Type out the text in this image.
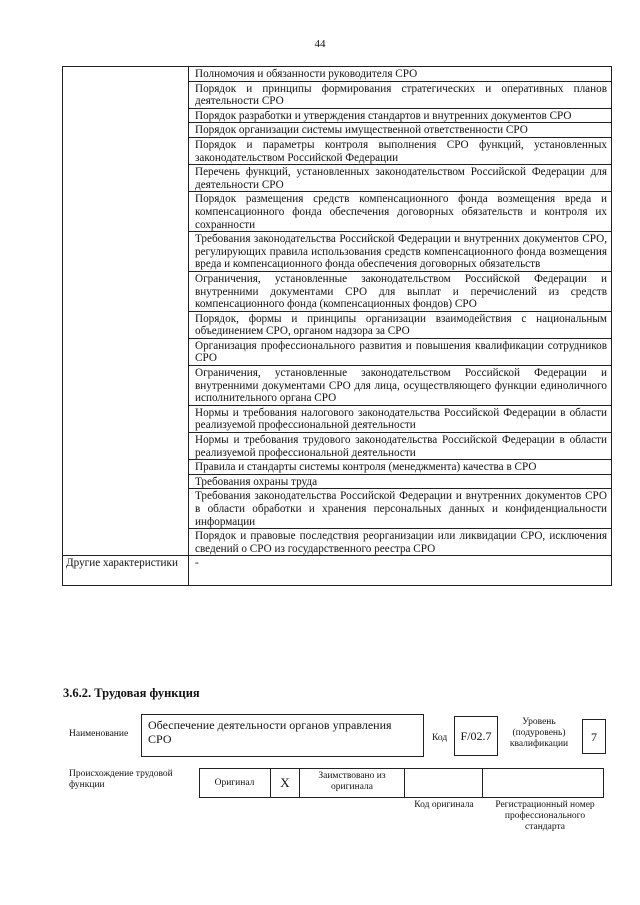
44
	Полномочия и обязанности руководителя СРО
	Порядок и принципы формирования стратегических и оперативных планов деятельности СРО
	Порядок разработки и утверждения стандартов и внутренних документов СРО
	Порядок организации системы имущественной ответственности СРО
	Порядок и параметры контроля выполнения СРО функций, установленных законодательством Российской Федерации
	Перечень функций, установленных законодательством Российской Федерации для деятельности СРО
	Порядок размещения средств компенсационного фонда возмещения вреда и компенсационного фонда обеспечения договорных обязательств и контроля их сохранности
	Требования законодательства Российской Федерации и внутренних документов СРО, регулирующих правила использования средств компенсационного фонда возмещения вреда и компенсационного фонда обеспечения договорных обязательств
	Ограничения, установленные законодательством Российской Федерации и внутренними документами СРО для выплат и перечислений из средств компенсационного фонда (компенсационных фондов) СРО
	Порядок, формы и принципы организации взаимодействия с национальным объединением СРО, органом надзора за СРО
	Организация профессионального развития и повышения квалификации сотрудников СРО
	Ограничения, установленные законодательством Российской Федерации и внутренними документами СРО для лица, осуществляющего функции единоличного исполнительного органа СРО
	Нормы и требования налогового законодательства Российской Федерации в области реализуемой профессиональной деятельности
	Нормы и требования трудового законодательства Российской Федерации в области реализуемой профессиональной деятельности
	Правила и стандарты системы контроля (менеджмента) качества в СРО
	Требования охраны труда
	Требования законодательства Российской Федерации и внутренних документов СРО в области обработки и хранения персональных данных и конфиденциальности информации
	Порядок и правовые последствия реорганизации или ликвидации СРО, исключения сведений о СРО из государственного реестра СРО
Другие характеристики	-
3.6.2. Трудовая функция
Наименование
Обеспечение деятельности органов управления СРО	Код	F/02.7
Уровень (подуровень) квалификации	7
Происхождение трудовой функции	Оригинал	X	Заимствовано из оригинала
Код оригинала	Регистрационный номер профессионального стандарта
